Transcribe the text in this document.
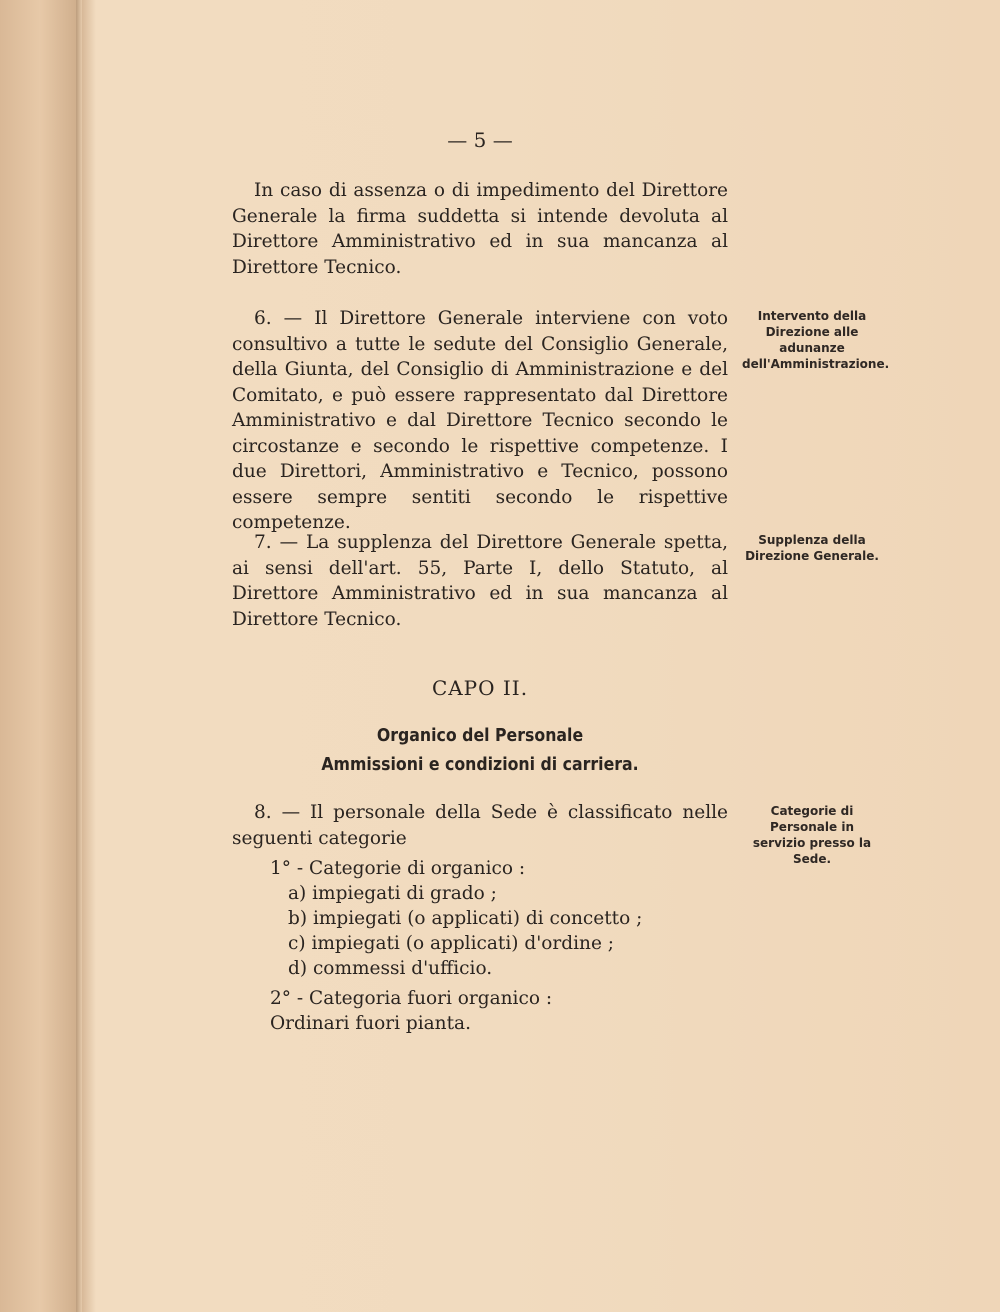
— 5 —

In caso di assenza o di impedimento del Direttore Generale la firma suddetta si intende devoluta al Direttore Amministrativo ed in sua mancanza al Direttore Tecnico.

6. — Il Direttore Generale interviene con voto consultivo a tutte le sedute del Consiglio Generale, della Giunta, del Consiglio di Amministrazione e del Comitato, e può essere rappresentato dal Direttore Amministrativo e dal Direttore Tecnico secondo le circostanze e secondo le rispettive competenze. I due Direttori, Amministrativo e Tecnico, possono essere sempre sentiti secondo le rispettive competenze.

Intervento della Direzione alle adunanze dell'Amministrazione.

7. — La supplenza del Direttore Generale spetta, ai sensi dell'art. 55, Parte I, dello Statuto, al Direttore Amministrativo ed in sua mancanza al Direttore Tecnico.

Supplenza della Direzione Generale.
CAPO II.
Organico del Personale
Ammissioni e condizioni di carriera.

8. — Il personale della Sede è classificato nelle seguenti categorie

Categorie di Personale in servizio presso la Sede.
1° - Categorie di organico :
a) impiegati di grado ;
b) impiegati (o applicati) di concetto ;
c) impiegati (o applicati) d'ordine ;
d) commessi d'ufficio.
2° - Categoria fuori organico :
Ordinari fuori pianta.
